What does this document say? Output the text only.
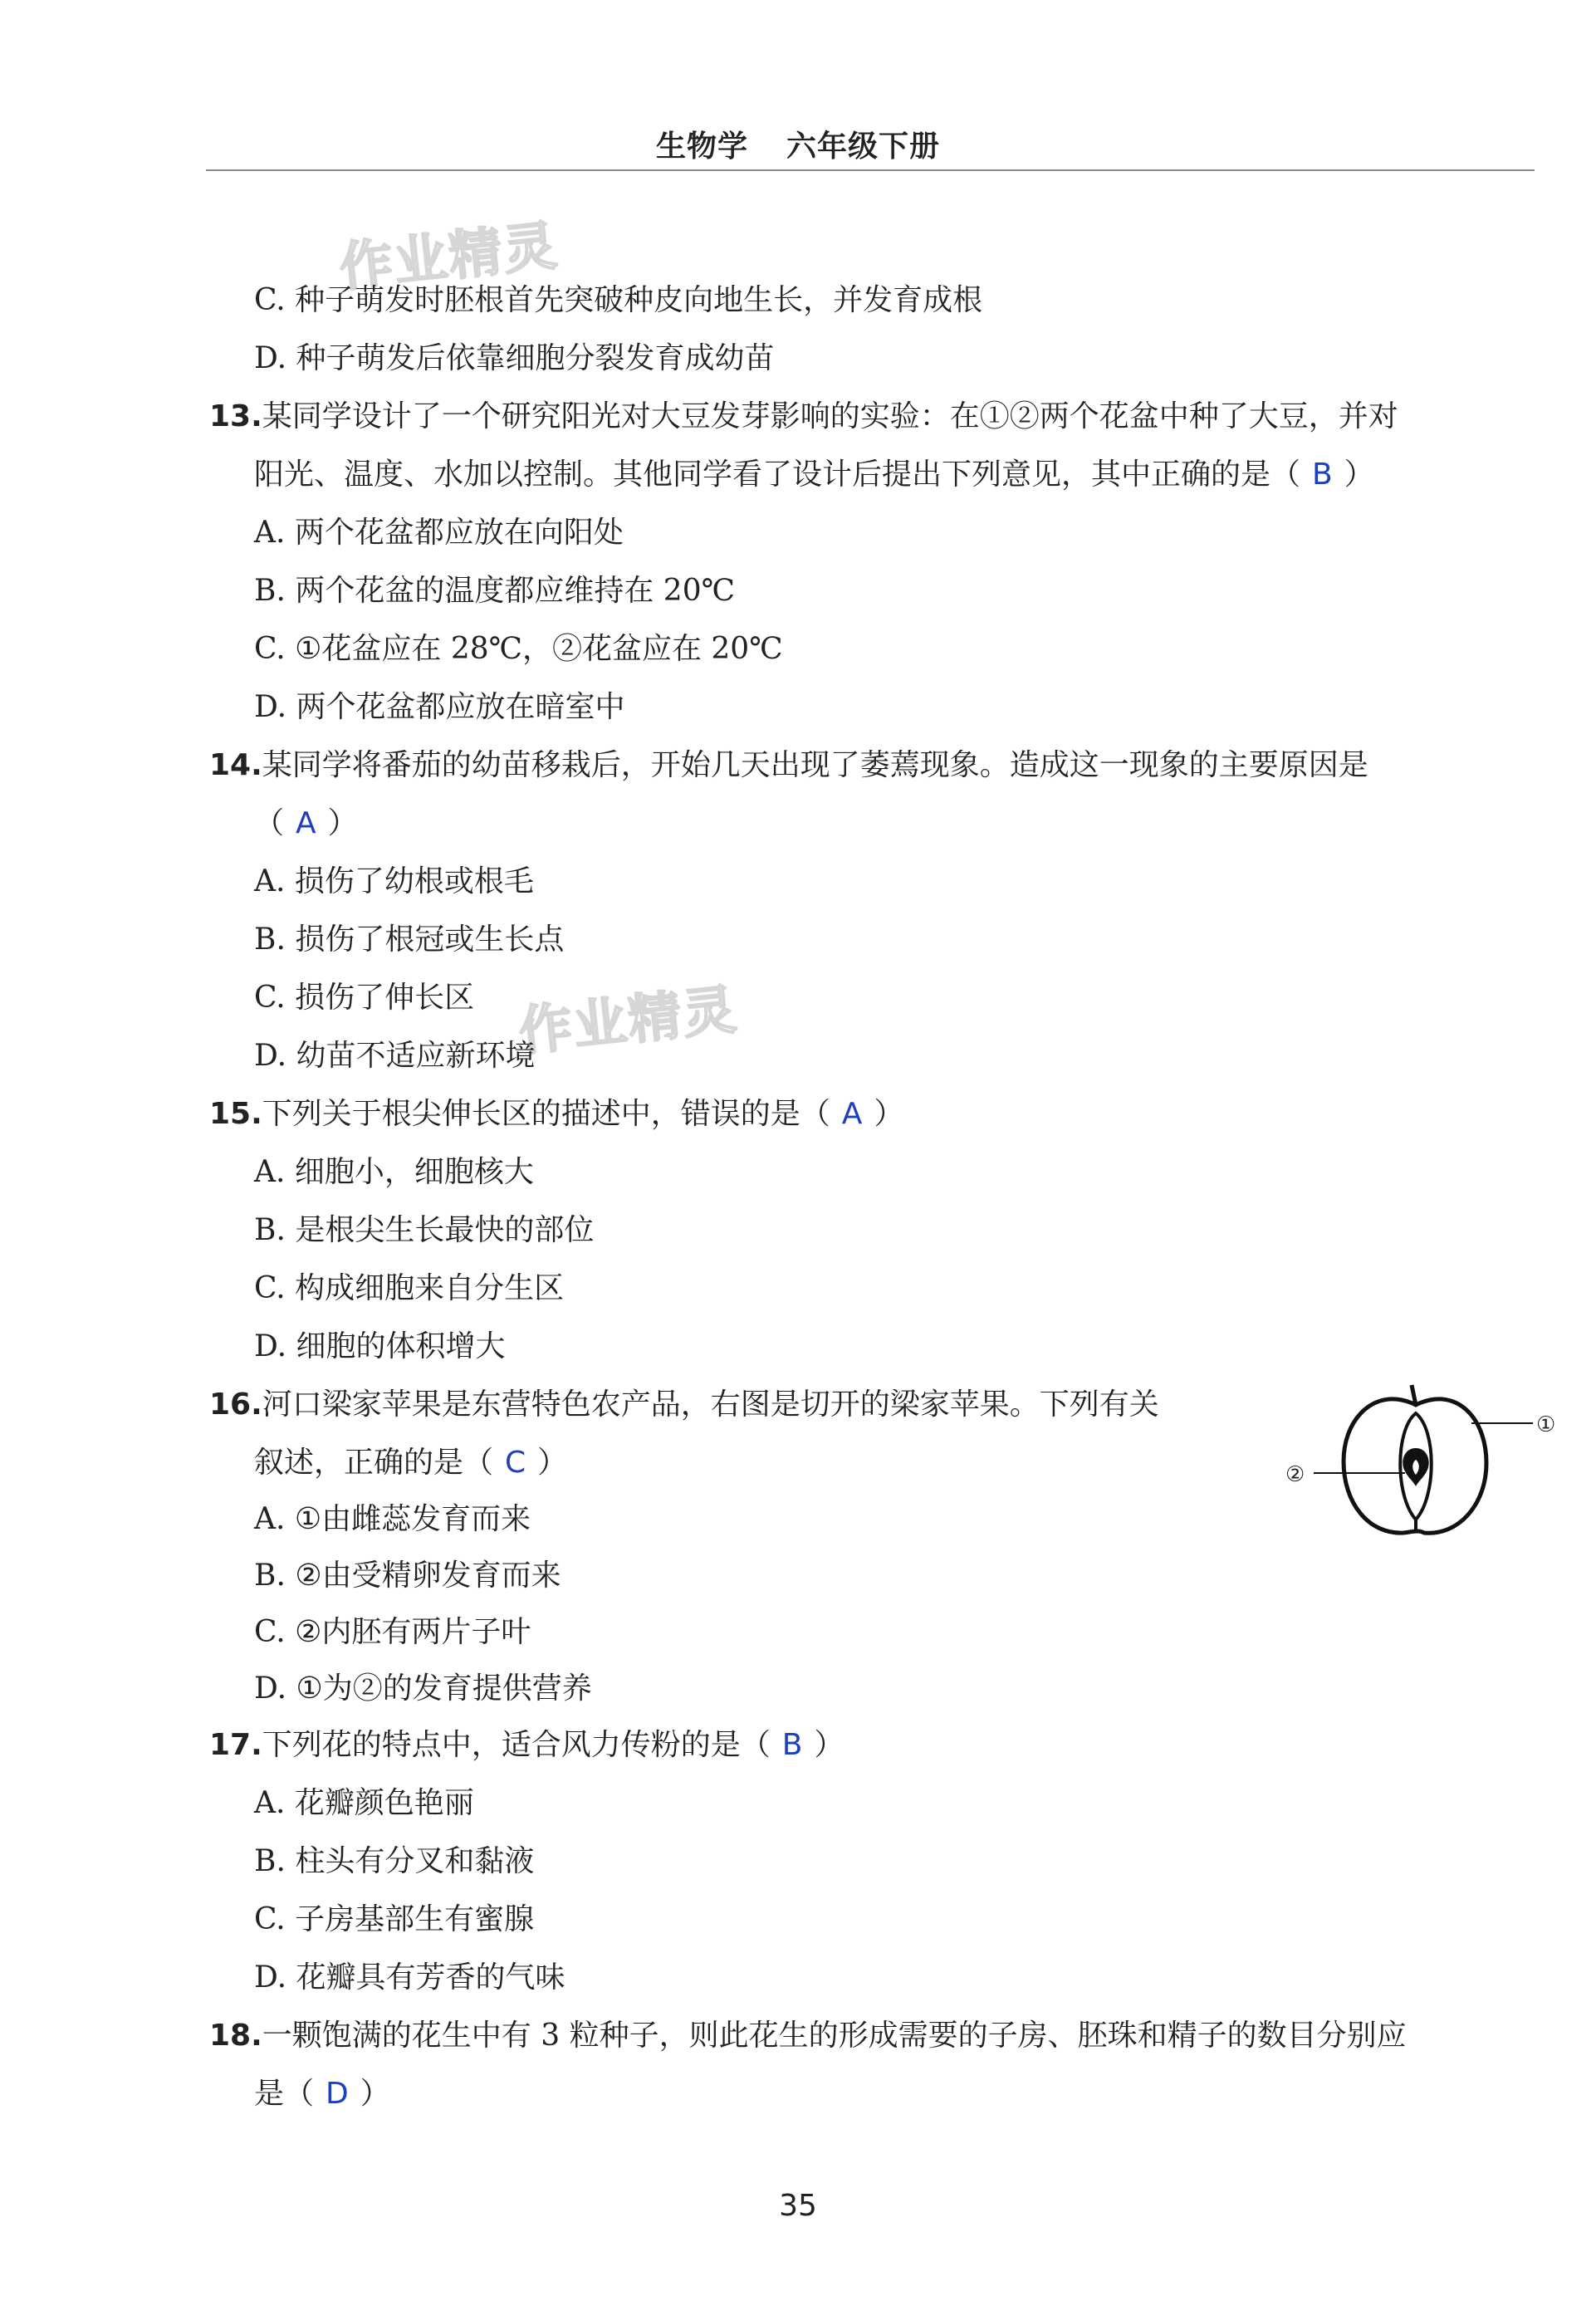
生物学 六年级下册
作业精灵
作业精灵
C. 种子萌发时胚根首先突破种皮向地生长，并发育成根
D. 种子萌发后依靠细胞分裂发育成幼苗
13.某同学设计了一个研究阳光对大豆发芽影响的实验：在①②两个花盆中种了大豆，并对
阳光、温度、水加以控制。其他同学看了设计后提出下列意见，其中正确的是（ B ）
A. 两个花盆都应放在向阳处
B. 两个花盆的温度都应维持在 20℃
C. ①花盆应在 28℃，②花盆应在 20℃
D. 两个花盆都应放在暗室中
14.某同学将番茄的幼苗移栽后，开始几天出现了萎蔫现象。造成这一现象的主要原因是
（ A ）
A. 损伤了幼根或根毛
B. 损伤了根冠或生长点
C. 损伤了伸长区
D. 幼苗不适应新环境
15.下列关于根尖伸长区的描述中，错误的是（ A ）
A. 细胞小，细胞核大
B. 是根尖生长最快的部位
C. 构成细胞来自分生区
D. 细胞的体积增大
16.河口梁家苹果是东营特色农产品，右图是切开的梁家苹果。下列有关
叙述，正确的是（ C ）
A. ①由雌蕊发育而来
B. ②由受精卵发育而来
C. ②内胚有两片子叶
D. ①为②的发育提供营养
①
②
17.下列花的特点中，适合风力传粉的是（ B ）
A. 花瓣颜色艳丽
B. 柱头有分叉和黏液
C. 子房基部生有蜜腺
D. 花瓣具有芳香的气味
18.一颗饱满的花生中有 3 粒种子，则此花生的形成需要的子房、胚珠和精子的数目分别应
是（ D ）
35
